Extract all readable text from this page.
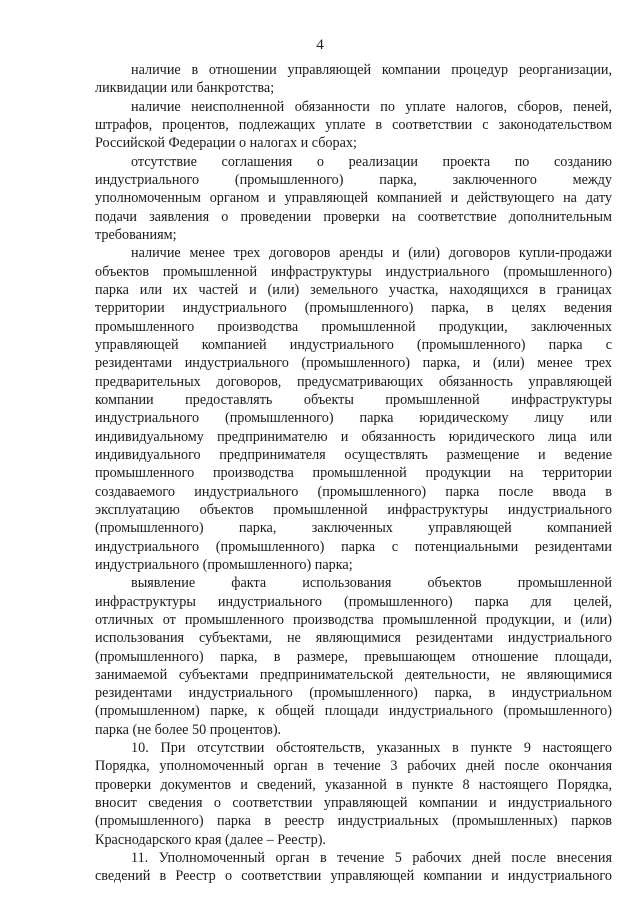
4
наличие в отношении управляющей компании процедур реорганизации,
ликвидации или банкротства;
наличие неисполненной обязанности по уплате налогов, сборов, пеней,
штрафов, процентов, подлежащих уплате в соответствии с законодательством
Российской Федерации о налогах и сборах;
отсутствие соглашения о реализации проекта по созданию
индустриального (промышленного) парка, заключенного между
уполномоченным органом и управляющей компанией и действующего на дату
подачи заявления о проведении проверки на соответствие дополнительным
требованиям;
наличие менее трех договоров аренды и (или) договоров купли-продажи
объектов промышленной инфраструктуры индустриального (промышленного)
парка или их частей и (или) земельного участка, находящихся в границах
территории индустриального (промышленного) парка, в целях ведения
промышленного производства промышленной продукции, заключенных
управляющей компанией индустриального (промышленного) парка с
резидентами индустриального (промышленного) парка, и (или) менее трех
предварительных договоров, предусматривающих обязанность управляющей
компании предоставлять объекты промышленной инфраструктуры
индустриального (промышленного) парка юридическому лицу или
индивидуальному предпринимателю и обязанность юридического лица или
индивидуального предпринимателя осуществлять размещение и ведение
промышленного производства промышленной продукции на территории
создаваемого индустриального (промышленного) парка после ввода в
эксплуатацию объектов промышленной инфраструктуры индустриального
(промышленного) парка, заключенных управляющей компанией
индустриального (промышленного) парка с потенциальными резидентами
индустриального (промышленного) парка;
выявление факта использования объектов промышленной
инфраструктуры индустриального (промышленного) парка для целей,
отличных от промышленного производства промышленной продукции, и (или)
использования субъектами, не являющимися резидентами индустриального
(промышленного) парка, в размере, превышающем отношение площади,
занимаемой субъектами предпринимательской деятельности, не являющимися
резидентами индустриального (промышленного) парка, в индустриальном
(промышленном) парке, к общей площади индустриального (промышленного)
парка (не более 50 процентов).
10. При отсутствии обстоятельств, указанных в пункте 9 настоящего
Порядка, уполномоченный орган в течение 3 рабочих дней после окончания
проверки документов и сведений, указанной в пункте 8 настоящего Порядка,
вносит сведения о соответствии управляющей компании и индустриального
(промышленного) парка в реестр индустриальных (промышленных) парков
Краснодарского края (далее – Реестр).
11. Уполномоченный орган в течение 5 рабочих дней после внесения
сведений в Реестр о соответствии управляющей компании и индустриального
